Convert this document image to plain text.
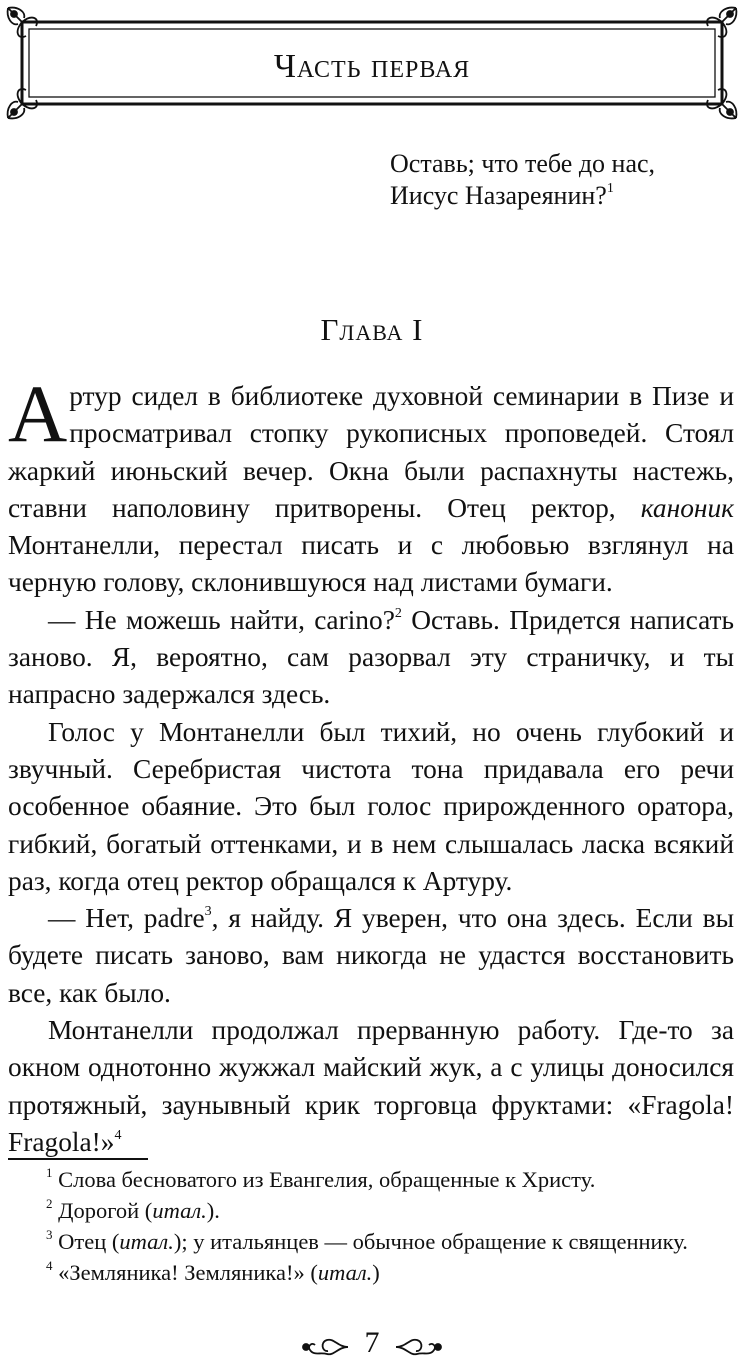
Часть первая
Оставь; что тебе до нас,
Иисус Назареянин?$^1$
Глава I

Артур сидел в библиотеке духовной семинарии в Пизе и просматривал стопку рукописных проповедей. Стоял жаркий июньский вечер. Окна были распахнуты настежь, ставни наполовину притворены. Отец ректор, каноник Монтанелли, перестал писать и с любовью взглянул на черную голову, склонившуюся над листами бумаги.

— Не можешь найти, carino?$^2$ Оставь. Придется написать заново. Я, вероятно, сам разорвал эту страничку, и ты напрасно задержался здесь.

Голос у Монтанелли был тихий, но очень глубокий и звучный. Серебристая чистота тона придавала его речи особенное обаяние. Это был голос прирожденного оратора, гибкий, богатый оттенками, и в нем слышалась ласка всякий раз, когда отец ректор обращался к Артуру.

— Нет, padre$^3$, я найду. Я уверен, что она здесь. Если вы будете писать заново, вам никогда не удастся восстановить все, как было.

Монтанелли продолжал прерванную работу. Где-то за окном однотонно жужжал майский жук, а с улицы доносился протяжный, заунывный крик торговца фруктами: «Fragola! Fragola!»$^4$

$^1$ Слова бесноватого из Евангелия, обращенные к Христу.

$^2$ Дорогой (итал.).

$^3$ Отец (итал.); у итальянцев — обычное обращение к священнику.

$^4$ «Земляника! Земляника!» (итал.)

7
